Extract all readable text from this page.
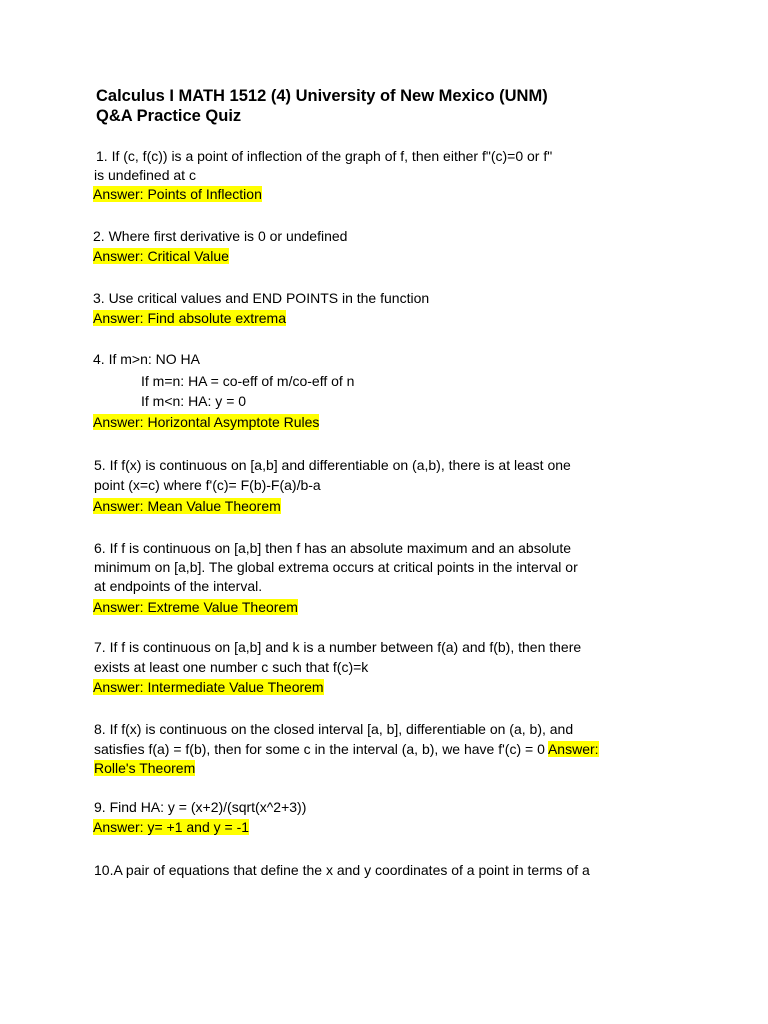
Calculus I MATH 1512 (4) University of New Mexico (UNM)
Q&A Practice Quiz
1. If (c, f(c)) is a point of inflection of the graph of f, then either f"(c)=0 or f"
is undefined at c
Answer: Points of Inflection
2. Where first derivative is 0 or undefined
Answer: Critical Value
3. Use critical values and END POINTS in the function
Answer: Find absolute extrema
4. If m>n: NO HA
If m=n: HA = co-eff of m/co-eff of n
If m<n: HA: y = 0
Answer: Horizontal Asymptote Rules
5. If f(x) is continuous on [a,b] and differentiable on (a,b), there is at least one
point (x=c) where f'(c)= F(b)-F(a)/b-a
Answer: Mean Value Theorem
6. If f is continuous on [a,b] then f has an absolute maximum and an absolute
minimum on [a,b]. The global extrema occurs at critical points in the interval or
at endpoints of the interval.
Answer: Extreme Value Theorem
7. If f is continuous on [a,b] and k is a number between f(a) and f(b), then there
exists at least one number c such that f(c)=k
Answer: Intermediate Value Theorem
8. If f(x) is continuous on the closed interval [a, b], differentiable on (a, b), and
satisfies f(a) = f(b), then for some c in the interval (a, b), we have f'(c) = 0 Answer:
Rolle's Theorem
9. Find HA: y = (x+2)/(sqrt(x^2+3))
Answer: y= +1 and y = -1
10.A pair of equations that define the x and y coordinates of a point in terms of a
